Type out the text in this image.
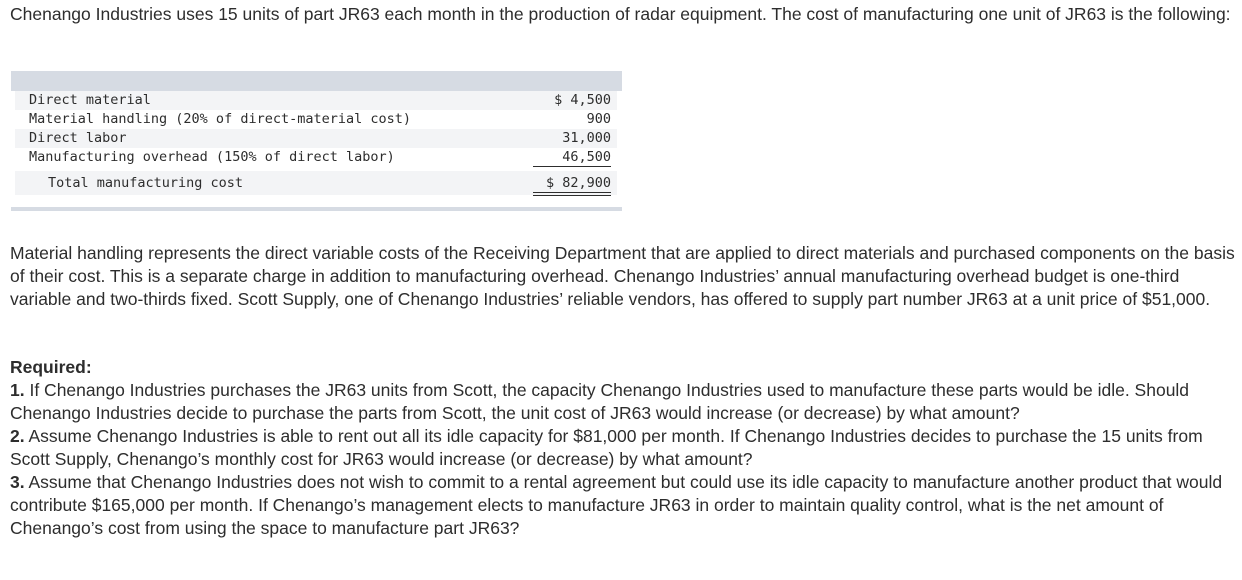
Chenango Industries uses 15 units of part JR63 each month in the production of radar equipment. The cost of manufacturing one unit of JR63 is the following:

Direct material	$ 4,500
Material handling (20% of direct-material cost)	900
Direct labor	31,000
Manufacturing overhead (150% of direct labor)	46,500
Total manufacturing cost	$ 82,900

Material handling represents the direct variable costs of the Receiving Department that are applied to direct materials and purchased components on the basis of their cost. This is a separate charge in addition to manufacturing overhead. Chenango Industries’ annual manufacturing overhead budget is one-third variable and two-thirds fixed. Scott Supply, one of Chenango Industries’ reliable vendors, has offered to supply part number JR63 at a unit price of $51,000.

Required:

1. If Chenango Industries purchases the JR63 units from Scott, the capacity Chenango Industries used to manufacture these parts would be idle. Should Chenango Industries decide to purchase the parts from Scott, the unit cost of JR63 would increase (or decrease) by what amount?

2. Assume Chenango Industries is able to rent out all its idle capacity for $81,000 per month. If Chenango Industries decides to purchase the 15 units from Scott Supply, Chenango’s monthly cost for JR63 would increase (or decrease) by what amount?

3. Assume that Chenango Industries does not wish to commit to a rental agreement but could use its idle capacity to manufacture another product that would contribute $165,000 per month. If Chenango’s management elects to manufacture JR63 in order to maintain quality control, what is the net amount of Chenango’s cost from using the space to manufacture part JR63?
